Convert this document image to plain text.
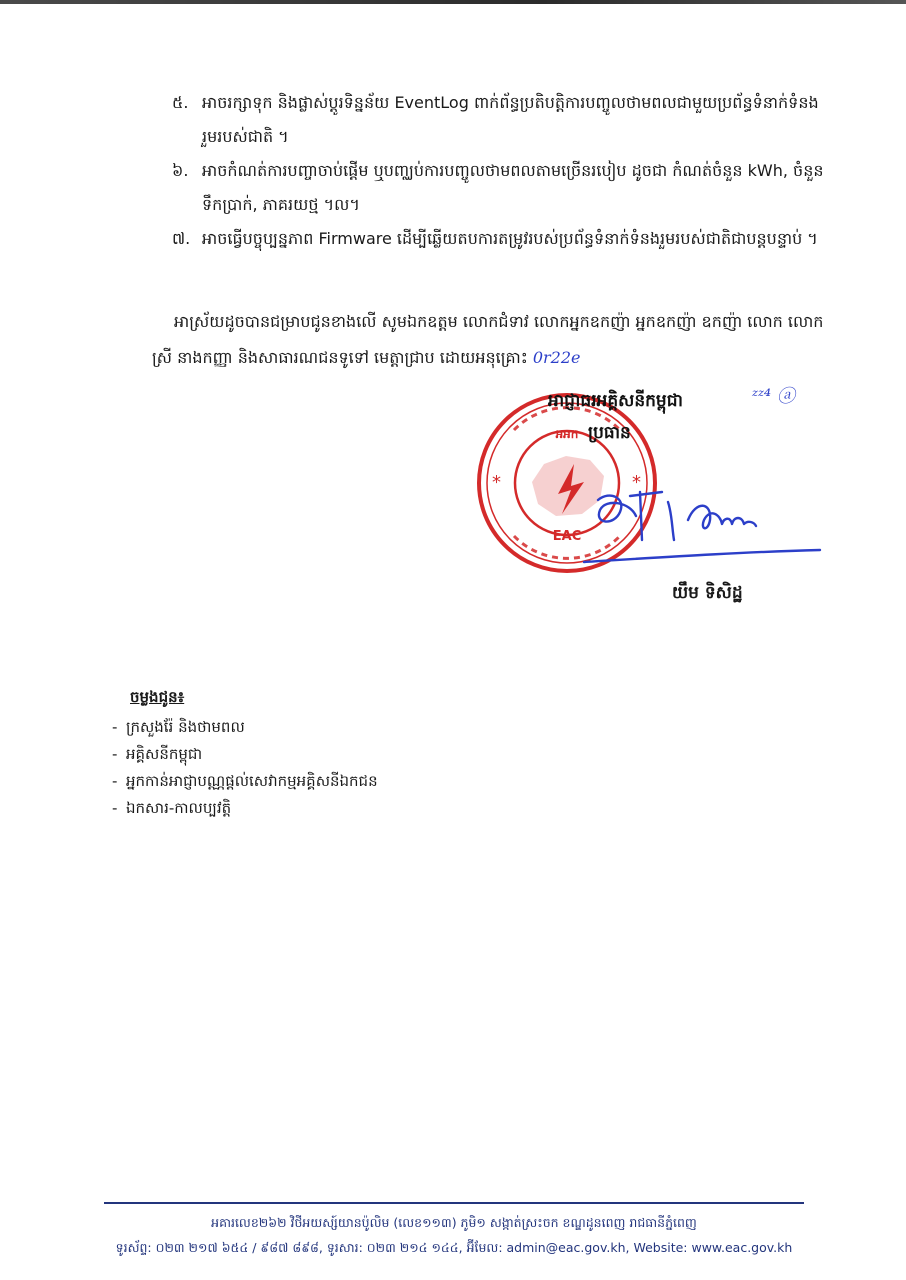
៥. អាចរក្សាទុក និងផ្លាស់ប្តូរទិន្នន័យ EventLog ពាក់ព័ន្ធប្រតិបត្តិការបញ្ចូលថាមពលជាមួយប្រព័ន្ធទំនាក់ទំនងរួមរបស់ជាតិ ។
៦. អាចកំណត់ការបញ្ចាចាប់ផ្តើម ឬបញ្ឈប់ការបញ្ចូលថាមពលតាមច្រើនរបៀប ដូចជា កំណត់ចំនួន kWh, ចំនួនទឹកប្រាក់, ភាគរយថ្ម ។ល។
៧. អាចធ្វើបច្ចុប្បន្នភាព Firmware ដើម្បីឆ្លើយតបការតម្រូវរបស់ប្រព័ន្ធទំនាក់ទំនងរួមរបស់ជាតិជាបន្តបន្ទាប់ ។
អាស្រ័យដូចបានជម្រាបជូនខាងលើ សូមឯកឧត្តម លោកជំទាវ លោកអ្នកឧកញ៉ា អ្នកឧកញ៉ា ឧកញ៉ា លោក លោកស្រី នាងកញ្ញា និងសាធារណជនទូទៅ មេត្តាជ្រាប ដោយអនុគ្រោះ 0r22e
EAC
អអក
*	*
អាជ្ញាធរអគ្គិសនីកម្ពុជា	ᶻᶻ⁴ ⓐ
ប្រធាន
យឹម ទិសិដ្ឋ
ចម្លងជូន៖
- ក្រសួងរ៉ែ និងថាមពល
- អគ្គិសនីកម្ពុជា
- អ្នកកាន់អាជ្ញាបណ្ណផ្តល់សេវាកម្មអគ្គិសនីឯកជន
- ឯកសារ-កាលប្បវត្តិ
អគារលេខ២៦២ វិថីអយស្ស៍យានប៉ូលិម (លេខ១១៣) ភូមិ១ សង្កាត់ស្រះចក ខណ្ឌដូនពេញ រាជធានីភ្នំពេញ
ទូរស័ព្ទ: ០២៣ ២១៧ ៦៥៤ / ៩៨៧ ៨៩៨, ទូរសារ: ០២៣ ២១៤ ១៤៤, អ៊ីមែល: admin@eac.gov.kh, Website: www.eac.gov.kh
